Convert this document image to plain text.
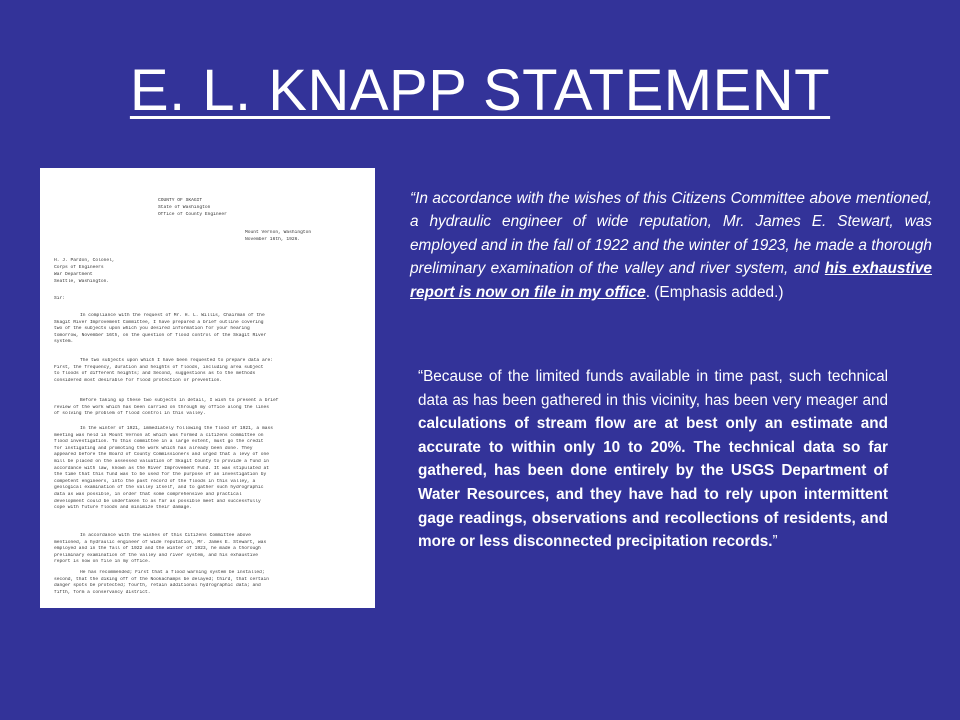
E. L. KNAPP STATEMENT
COUNTY OF SKAGIT
State of Washington
Office of County Engineer
Mount Vernon, Washington
November 16th, 1926.
H. J. Pardon, Colonel,
Corps of Engineers
War Department
Seattle, Washington.
Sir:
In compliance with the request of Mr. H. L. Willis, Chairman of the
Skagit River Improvement Committee, I have prepared a brief outline covering
two of the subjects upon which you desired information for your hearing
tomorrow, November 16th, on the question of flood control of the Skagit River
system.
The two subjects upon which I have been requested to prepare data are:
First, the frequency, duration and heights of floods, including area subject
to floods of different heights; and Second, suggestions as to the methods
considered most desirable for flood protection or prevention.
Before taking up these two subjects in detail, I wish to present a brief
review of the work which has been carried on through my office along the lines
of solving the problem of flood control in this valley.
In the winter of 1921, immediately following the flood of 1921, a mass
meeting was held in Mount Vernon at which was formed a citizens committee on
flood investigation. To this committee in a large extent, must go the credit
for instigating and promoting the work which has already been done. They
appeared before the Board of County Commissioners and urged that a levy of one
mill be placed on the assessed valuation of Skagit County to provide a fund in
accordance with law, known as the River Improvement Fund. It was stipulated at
the time that this fund was to be used for the purpose of an investigation by
competent engineers, into the past record of the floods in this valley, a
geological examination of the valley itself, and to gather such hydrographic
data as was possible, in order that some comprehensive and practical
development could be undertaken to as far as possible meet and successfully
cope with future floods and minimize their damage.
In accordance with the wishes of this Citizens Committee above
mentioned, a hydraulic engineer of wide reputation, Mr. James E. Stewart, was
employed and in the fall of 1922 and the winter of 1923, he made a thorough
preliminary examination of the valley and river system, and his exhaustive
report is now on file in my office.
He has recommended; First that a flood warning system be installed;
second, that the diking off of the Nookachamps be delayed; third, that certain
danger spots be protected; fourth, retain additional hydrographic data; and
fifth, form a conservancy district.

“In accordance with the wishes of this Citizens Committee above mentioned, a hydraulic engineer of wide reputation, Mr. James E. Stewart, was employed and in the fall of 1922 and the winter of 1923, he made a thorough preliminary examination of the valley and river system, and his exhaustive report is now on file in my office. (Emphasis added.)

“Because of the limited funds available in time past, such technical data as has been gathered in this vicinity, has been very meager and calculations of stream flow are at best only an estimate and accurate to within only 10 to 20%. The technical data so far gathered, has been done entirely by the USGS Department of Water Resources, and they have had to rely upon intermittent gage readings, observations and recollections of residents, and more or less disconnected precipitation records.”
